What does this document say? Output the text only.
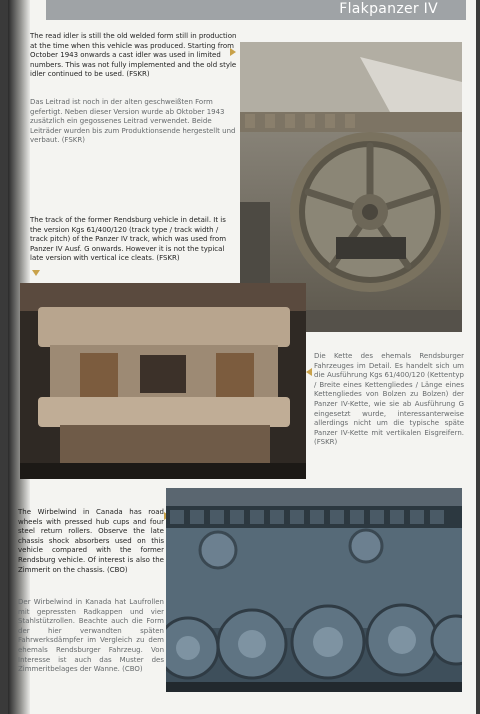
Flakpanzer IV

The read idler is still the old welded form still in production at the time when this vehicle was produced. Starting from October 1943 onwards a cast idler was used in limited numbers. This was not fully implemented and the old style idler continued to be used. (FSKR)

Das Leitrad ist noch in der alten geschweißten Form gefertigt. Neben dieser Version wurde ab Oktober 1943 zusätzlich ein gegossenes Leitrad verwendet. Beide Leiträder wurden bis zum Produktionsende hergestellt und verbaut. (FSKR)

The track of the former Rendsburg vehicle in detail. It is the version Kgs 61/400/120 (track type / track width / track pitch) of the Panzer IV track, which was used from Panzer IV Ausf. G onwards. However it is not the typical late version with vertical ice cleats. (FSKR)

Die Kette des ehemals Rendsburger Fahrzeuges im Detail. Es handelt sich um die Ausführung Kgs 61/400/120 (Kettentyp / Breite eines Kettengliedes / Länge eines Kettengliedes von Bolzen zu Bolzen) der Panzer IV-Kette, wie sie ab Ausführung G eingesetzt wurde, interessanterweise allerdings nicht um die typische späte Panzer IV-Kette mit vertikalen Eisgreifern. (FSKR)

The Wirbelwind in Canada has road wheels with pressed hub cups and four steel return rollers. Observe the late chassis shock absorbers used on this vehicle compared with the former Rendsburg vehicle. Of interest is also the Zimmerit on the chassis. (CBO)

Der Wirbelwind in Kanada hat Laufrollen mit gepressten Radkappen und vier Stahlstützrollen. Beachte auch die Form der hier verwandten späten Fahrwerksdämpfer im Vergleich zu dem ehemals Rendsburger Fahrzeug. Von Interesse ist auch das Muster des Zimmeritbelages der Wanne. (CBO)
